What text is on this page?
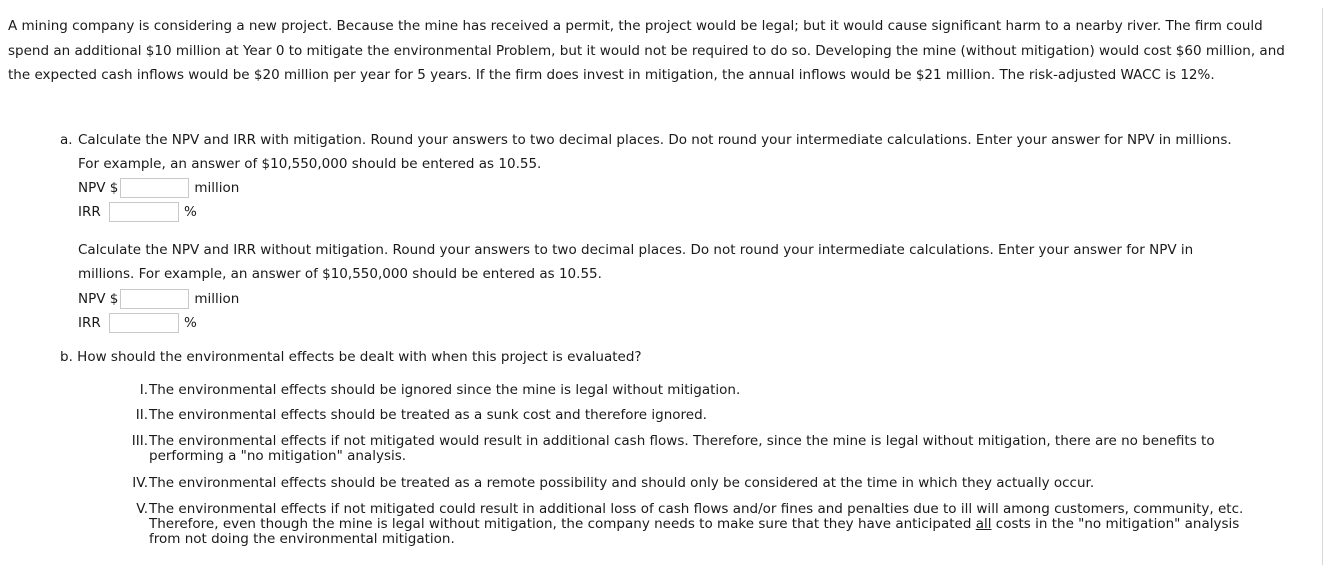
A mining company is considering a new project. Because the mine has received a permit, the project would be legal; but it would cause significant harm to a nearby river. The firm could spend an additional $10 million at Year 0 to mitigate the environmental Problem, but it would not be required to do so. Developing the mine (without mitigation) would cost $60 million, and the expected cash inflows would be $20 million per year for 5 years. If the firm does invest in mitigation, the annual inflows would be $21 million. The risk-adjusted WACC is 12%.
a. Calculate the NPV and IRR with mitigation. Round your answers to two decimal places. Do not round your intermediate calculations. Enter your answer for NPV in millions.
For example, an answer of $10,550,000 should be entered as 10.55.
NPV $	million
IRR	%
Calculate the NPV and IRR without mitigation. Round your answers to two decimal places. Do not round your intermediate calculations. Enter your answer for NPV in
millions. For example, an answer of $10,550,000 should be entered as 10.55.
NPV $	million
IRR	%
b. How should the environmental effects be dealt with when this project is evaluated?
I. The environmental effects should be ignored since the mine is legal without mitigation.
II. The environmental effects should be treated as a sunk cost and therefore ignored.
III. The environmental effects if not mitigated would result in additional cash flows. Therefore, since the mine is legal without mitigation, there are no benefits to
performing a "no mitigation" analysis.
IV. The environmental effects should be treated as a remote possibility and should only be considered at the time in which they actually occur.
V. The environmental effects if not mitigated could result in additional loss of cash flows and/or fines and penalties due to ill will among customers, community, etc.
Therefore, even though the mine is legal without mitigation, the company needs to make sure that they have anticipated all costs in the "no mitigation" analysis
from not doing the environmental mitigation.
